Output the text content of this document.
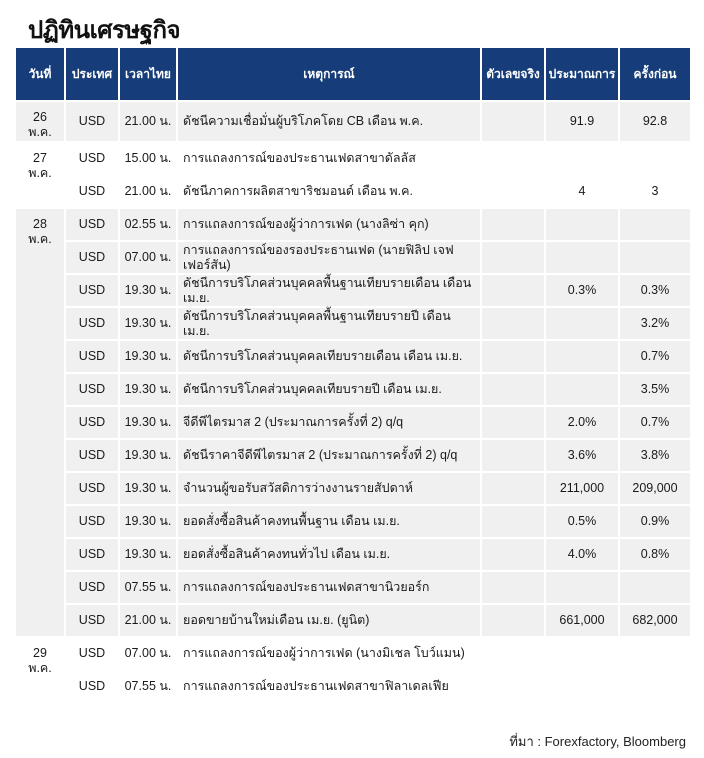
ปฏิทินเศรษฐกิจ
วันที่	ประเทศ	เวลาไทย	เหตุการณ์	ตัวเลขจริง	ประมาณการ	ครั้งก่อน
26 พ.ค.	USD	21.00 น.	ดัชนีความเชื่อมั่นผู้บริโภคโดย CB เดือน พ.ค.		91.9	92.8
27 พ.ค.	USD	15.00 น.	การแถลงการณ์ของประธานเฟดสาขาดัลลัส			
	USD	21.00 น.	ดัชนีภาคการผลิตสาขาริชมอนด์ เดือน พ.ค.		4	3
28 พ.ค.	USD	02.55 น.	การแถลงการณ์ของผู้ว่าการเฟด (นางลิซ่า คุก)			
	USD	07.00 น.	การแถลงการณ์ของรองประธานเฟด (นายฟิลิป เจฟเฟอร์สัน)			
	USD	19.30 น.	ดัชนีการบริโภคส่วนบุคคลพื้นฐานเทียบรายเดือน เดือน เม.ย.		0.3%	0.3%
	USD	19.30 น.	ดัชนีการบริโภคส่วนบุคคลพื้นฐานเทียบรายปี เดือน เม.ย.			3.2%
	USD	19.30 น.	ดัชนีการบริโภคส่วนบุคคลเทียบรายเดือน เดือน เม.ย.			0.7%
	USD	19.30 น.	ดัชนีการบริโภคส่วนบุคคลเทียบรายปี เดือน เม.ย.			3.5%
	USD	19.30 น.	จีดีพีไตรมาส 2 (ประมาณการครั้งที่ 2) q/q		2.0%	0.7%
	USD	19.30 น.	ดัชนีราคาจีดีพีไตรมาส 2 (ประมาณการครั้งที่ 2) q/q		3.6%	3.8%
	USD	19.30 น.	จำนวนผู้ขอรับสวัสดิการว่างงานรายสัปดาห์		211,000	209,000
	USD	19.30 น.	ยอดสั่งซื้อสินค้าคงทนพื้นฐาน เดือน เม.ย.		0.5%	0.9%
	USD	19.30 น.	ยอดสั่งซื้อสินค้าคงทนทั่วไป เดือน เม.ย.		4.0%	0.8%
	USD	07.55 น.	การแถลงการณ์ของประธานเฟดสาขานิวยอร์ก			
	USD	21.00 น.	ยอดขายบ้านใหม่เดือน เม.ย. (ยูนิต)		661,000	682,000
29 พ.ค.	USD	07.00 น.	การแถลงการณ์ของผู้ว่าการเฟด (นางมิเชล โบว์แมน)			
	USD	07.55 น.	การแถลงการณ์ของประธานเฟดสาขาฟิลาเดลเฟีย			
ที่มา : Forexfactory, Bloomberg
